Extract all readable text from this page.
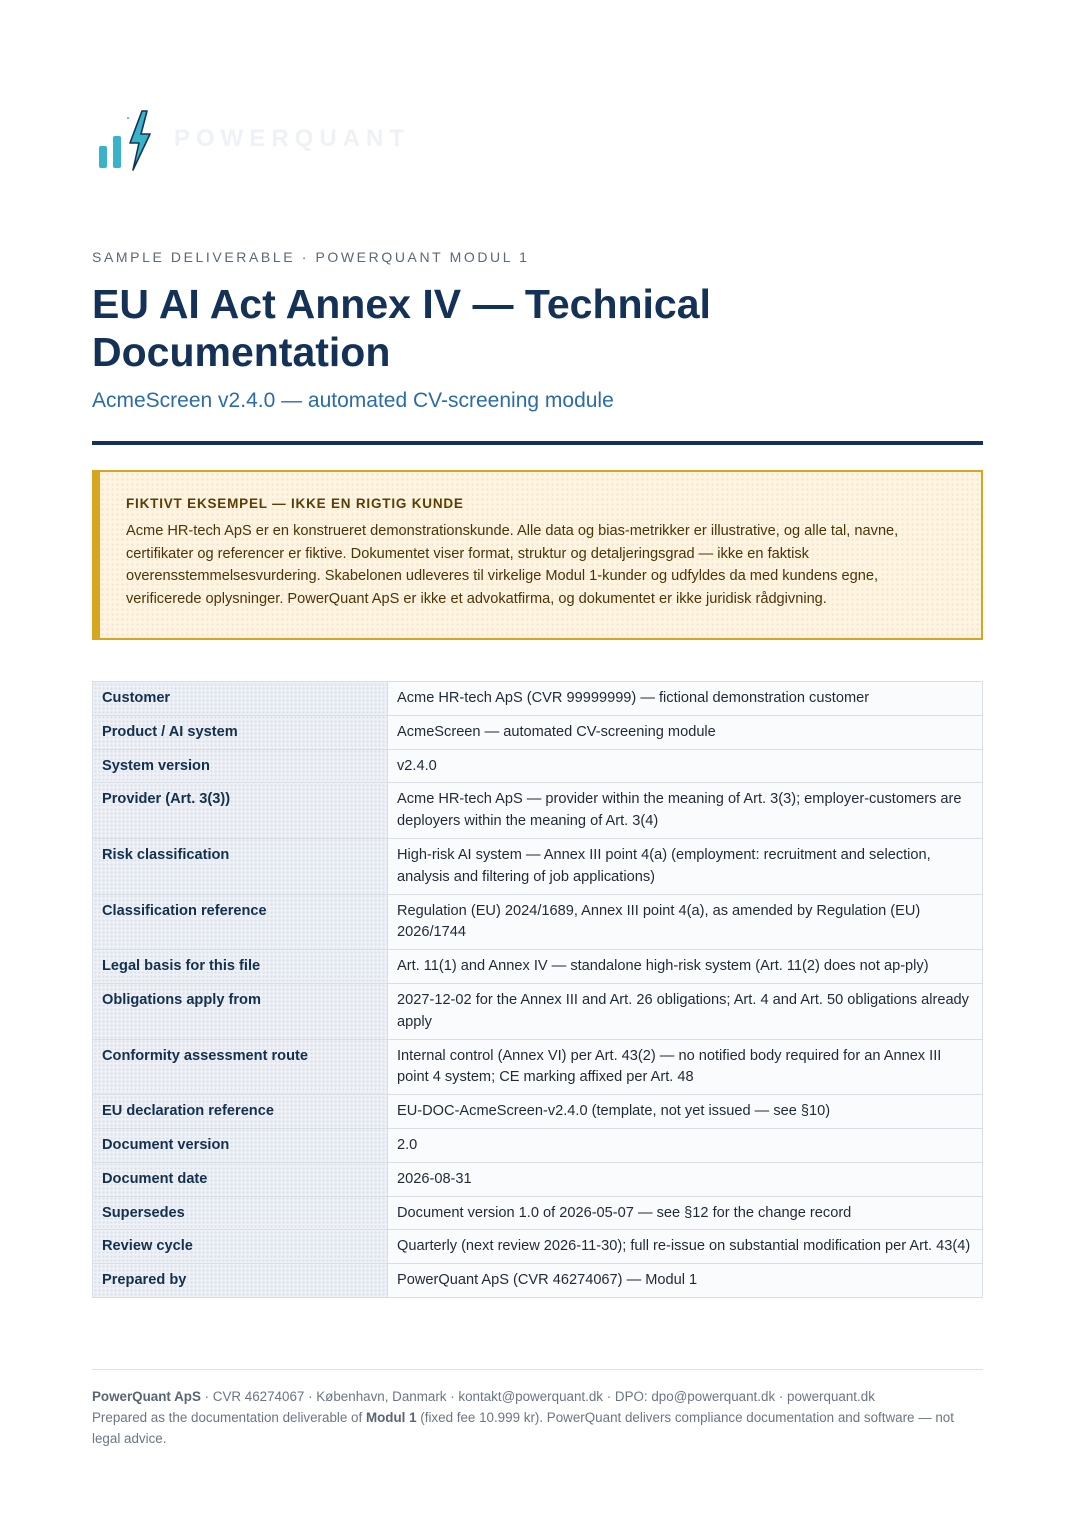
POWERQUANT
SAMPLE DELIVERABLE · POWERQUANT MODUL 1
EU AI Act Annex IV — Technical Documentation
AcmeScreen v2.4.0 — automated CV-screening module

FIKTIVT EKSEMPEL — IKKE EN RIGTIG KUNDE

Acme HR-tech ApS er en konstrueret demonstrationskunde. Alle data og bias-metrikker er illustrative, og alle tal, navne, certifikater og referencer er fiktive. Dokumentet viser format, struktur og detaljeringsgrad — ikke en faktisk overensstemmelsesvurdering. Skabelonen udleveres til virkelige Modul 1-kunder og udfyldes da med kundens egne, verificerede oplysninger. PowerQuant ApS er ikke et advokatfirma, og dokumentet er ikke juridisk rådgivning.

Customer	Acme HR-tech ApS (CVR 99999999) — fictional demonstration customer
Product / AI system	AcmeScreen — automated CV-screening module
System version	v2.4.0
Provider (Art. 3(3))	Acme HR-tech ApS — provider within the meaning of Art. 3(3); employer-customers are deployers within the meaning of Art. 3(4)
Risk classification	High-risk AI system — Annex III point 4(a) (employment: recruitment and selection, analysis and filtering of job applications)
Classification reference	Regulation (EU) 2024/1689, Annex III point 4(a), as amended by Regulation (EU) 2026/1744
Legal basis for this file	Art. 11(1) and Annex IV — standalone high-risk system (Art. 11(2) does not ap-ply)
Obligations apply from	2027-12-02 for the Annex III and Art. 26 obligations; Art. 4 and Art. 50 obligations already apply
Conformity assessment route	Internal control (Annex VI) per Art. 43(2) — no notified body required for an Annex III point 4 system; CE marking affixed per Art. 48
EU declaration reference	EU-DOC-AcmeScreen-v2.4.0 (template, not yet issued — see §10)
Document version	2.0
Document date	2026-08-31
Supersedes	Document version 1.0 of 2026-05-07 — see §12 for the change record
Review cycle	Quarterly (next review 2026-11-30); full re-issue on substantial modification per Art. 43(4)
Prepared by	PowerQuant ApS (CVR 46274067) — Modul 1
PowerQuant ApS · CVR 46274067 · København, Danmark · kontakt@powerquant.dk · DPO: dpo@powerquant.dk · powerquant.dk
Prepared as the documentation deliverable of Modul 1 (fixed fee 10.999 kr). PowerQuant delivers compliance documentation and software — not legal advice.
